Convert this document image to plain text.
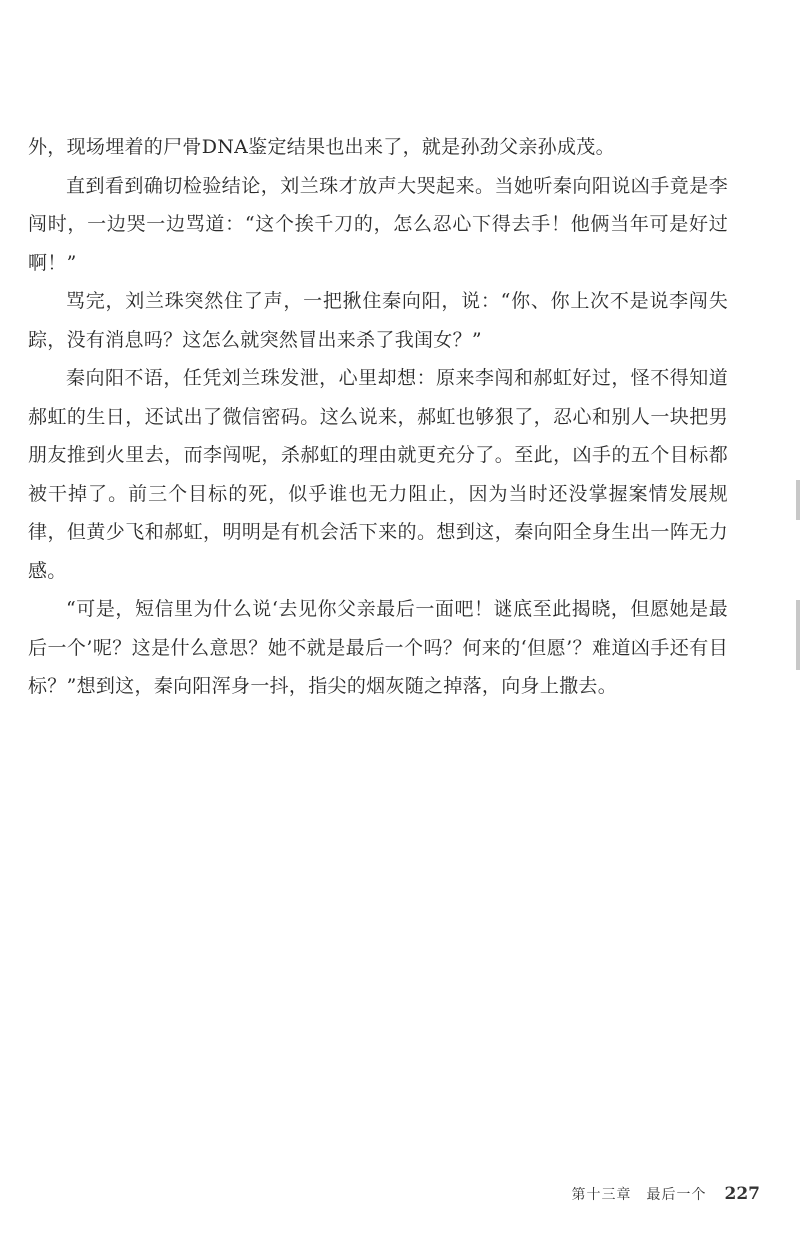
外，现场埋着的尸骨DNA鉴定结果也出来了，就是孙劲父亲孙成茂。

直到看到确切检验结论，刘兰珠才放声大哭起来。当她听秦向阳说凶手竟是李闯时，一边哭一边骂道：“这个挨千刀的，怎么忍心下得去手！他俩当年可是好过啊！”

骂完，刘兰珠突然住了声，一把揪住秦向阳，说：“你、你上次不是说李闯失踪，没有消息吗？这怎么就突然冒出来杀了我闺女？”

秦向阳不语，任凭刘兰珠发泄，心里却想：原来李闯和郝虹好过，怪不得知道郝虹的生日，还试出了微信密码。这么说来，郝虹也够狠了，忍心和别人一块把男朋友推到火里去，而李闯呢，杀郝虹的理由就更充分了。至此，凶手的五个目标都被干掉了。前三个目标的死，似乎谁也无力阻止，因为当时还没掌握案情发展规律，但黄少飞和郝虹，明明是有机会活下来的。想到这，秦向阳全身生出一阵无力感。

“可是，短信里为什么说‘去见你父亲最后一面吧！谜底至此揭晓，但愿她是最后一个’呢？这是什么意思？她不就是最后一个吗？何来的‘但愿’？难道凶手还有目标？”想到这，秦向阳浑身一抖，指尖的烟灰随之掉落，向身上撒去。

第十三章　最后一个 227
